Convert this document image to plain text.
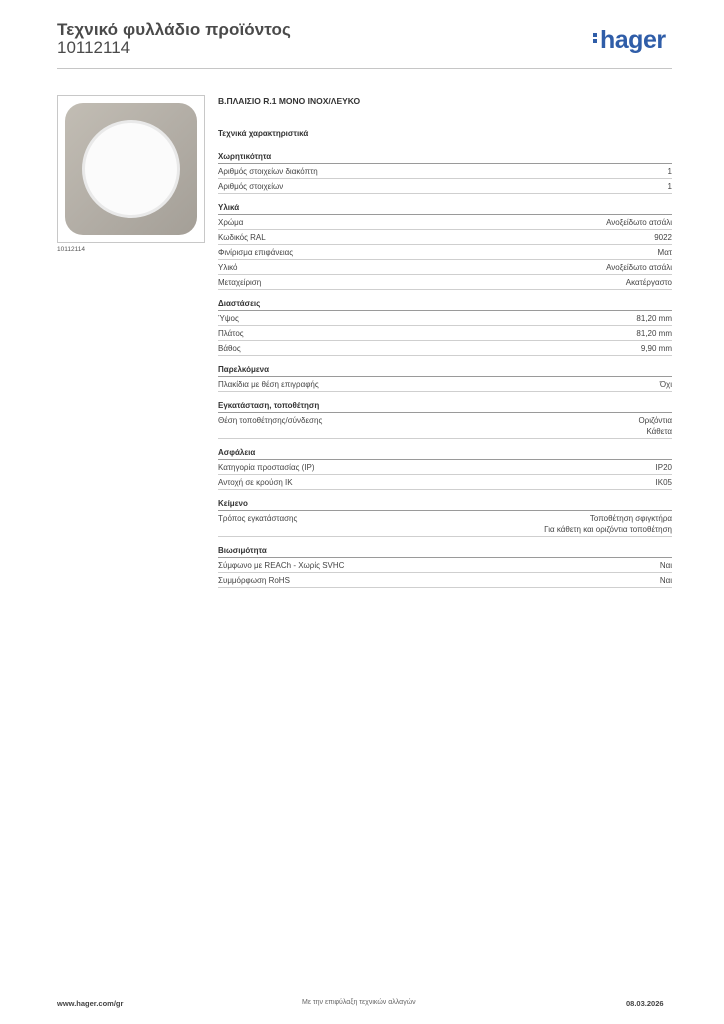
Τεχνικό φυλλάδιο προϊόντος
10112114	hager
10112114
Β.ΠΛΑΙΣΙΟ R.1 ΜΟΝΟ INOX/ΛΕΥΚΟ
Τεχνικά χαρακτηριστικά
Χωρητικότητα
Αριθμός στοιχείων διακόπτη	1
Αριθμός στοιχείων	1
Υλικά
Χρώμα	Ανοξείδωτο ατσάλι
Κωδικός RAL	9022
Φινίρισμα επιφάνειας	Ματ
Υλικό	Ανοξείδωτο ατσάλι
Μεταχείριση	Ακατέργαστο
Διαστάσεις
Ύψος	81,20 mm
Πλάτος	81,20 mm
Βάθος	9,90 mm
Παρελκόμενα
Πλακίδια με θέση επιγραφής	Όχι
Εγκατάσταση, τοποθέτηση
Θέση τοποθέτησης/σύνδεσης	Οριζόντια
Κάθετα
Ασφάλεια
Κατηγορία προστασίας (IP)	IP20
Αντοχή σε κρούση IK	IK05
Κείμενο
Τρόπος εγκατάστασης	Τοποθέτηση σφιγκτήρα
Για κάθετη και οριζόντια τοποθέτηση
Βιωσιμότητα
Σύμφωνο με REACh - Χωρίς SVHC	Ναι
Συμμόρφωση RoHS	Ναι
www.hager.com/gr	Με την επιφύλαξη τεχνικών αλλαγών	08.03.2026
